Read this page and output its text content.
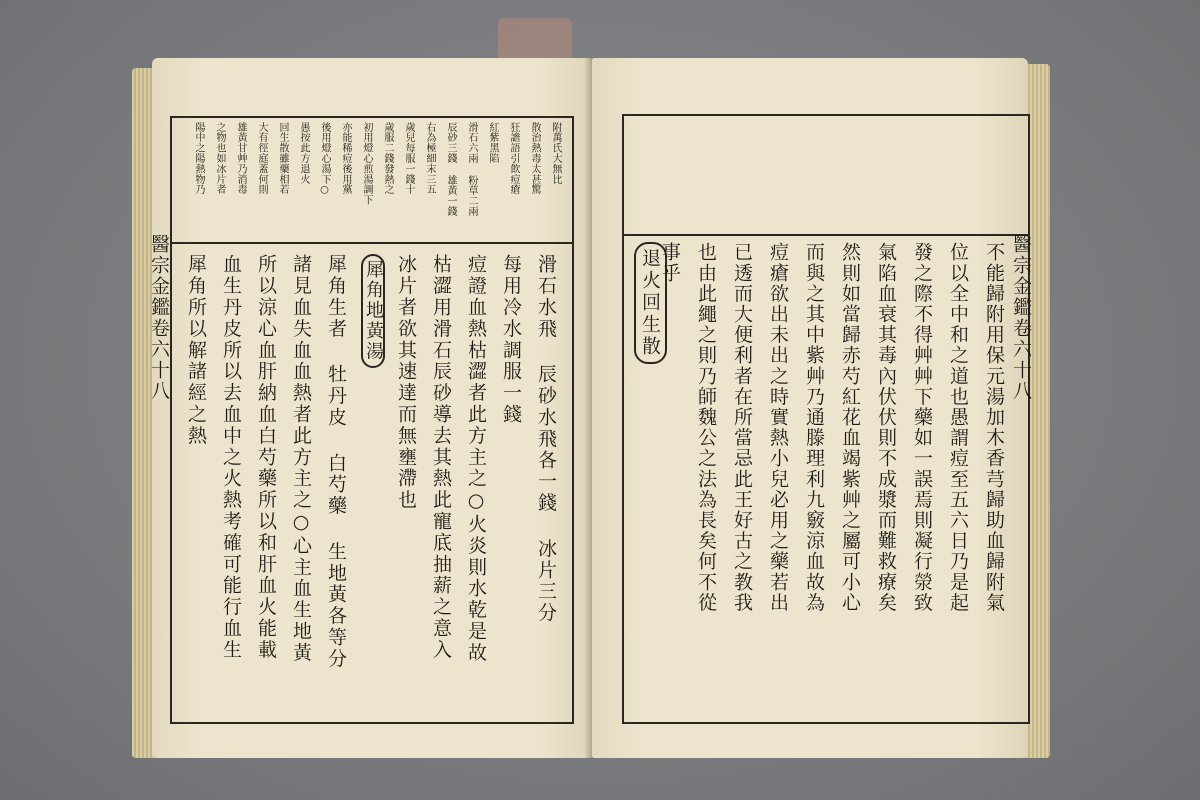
醫宗金鑑卷六十八
附萬氏大無比
散治熱毒太甚驚
狂譫語引飲痘瘡
紅紫黑陷
滑石六兩 粉草二兩
辰砂三錢 雄黃一錢
右為極細末三五
歲兒每服一錢十
歲服二錢發熱之
初用燈心煎湯調下
亦能稀痘後用黨
後用燈心湯下○
愚按此方退火
回生散雖藥相若
大有徑庭蓋何則
雄黃甘艸乃消毒
之物也如冰片者
陽中之陽熱物乃
滑石水飛 辰砂水飛各一錢 冰片三分
每用冷水調服一錢
痘證血熱枯澀者此方主之○火炎則水乾是故
枯澀用滑石辰砂導去其熱此寵底抽薪之意入
冰片者欲其速達而無壅滯也
犀角地黃湯
犀角生者 牡丹皮 白芍藥 生地黃各等分
諸見血失血血熱者此方主之○心主血生地黃
所以涼心血肝納血白芍藥所以和肝血火能載
血生丹皮所以去血中之火熱考確可能行血生
犀角所以解諸經之熱	醫宗金鑑卷六十八
退火回生散	不能歸附用保元湯加木香芎歸助血歸附氣
位以全中和之道也愚謂痘至五六日乃是起
發之際不得艸艸下藥如一誤焉則凝行滎致
氣陷血衰其毒內伏伏則不成漿而難救療矣
然則如當歸赤芍紅花血竭紫艸之屬可小心
而與之其中紫艸乃通滕理利九竅涼血故為
痘瘡欲出未出之時實熱小兒必用之藥若出
已透而大便利者在所當忌此王好古之教我
也由此繩之則乃師魏公之法為長矣何不從
事乎
